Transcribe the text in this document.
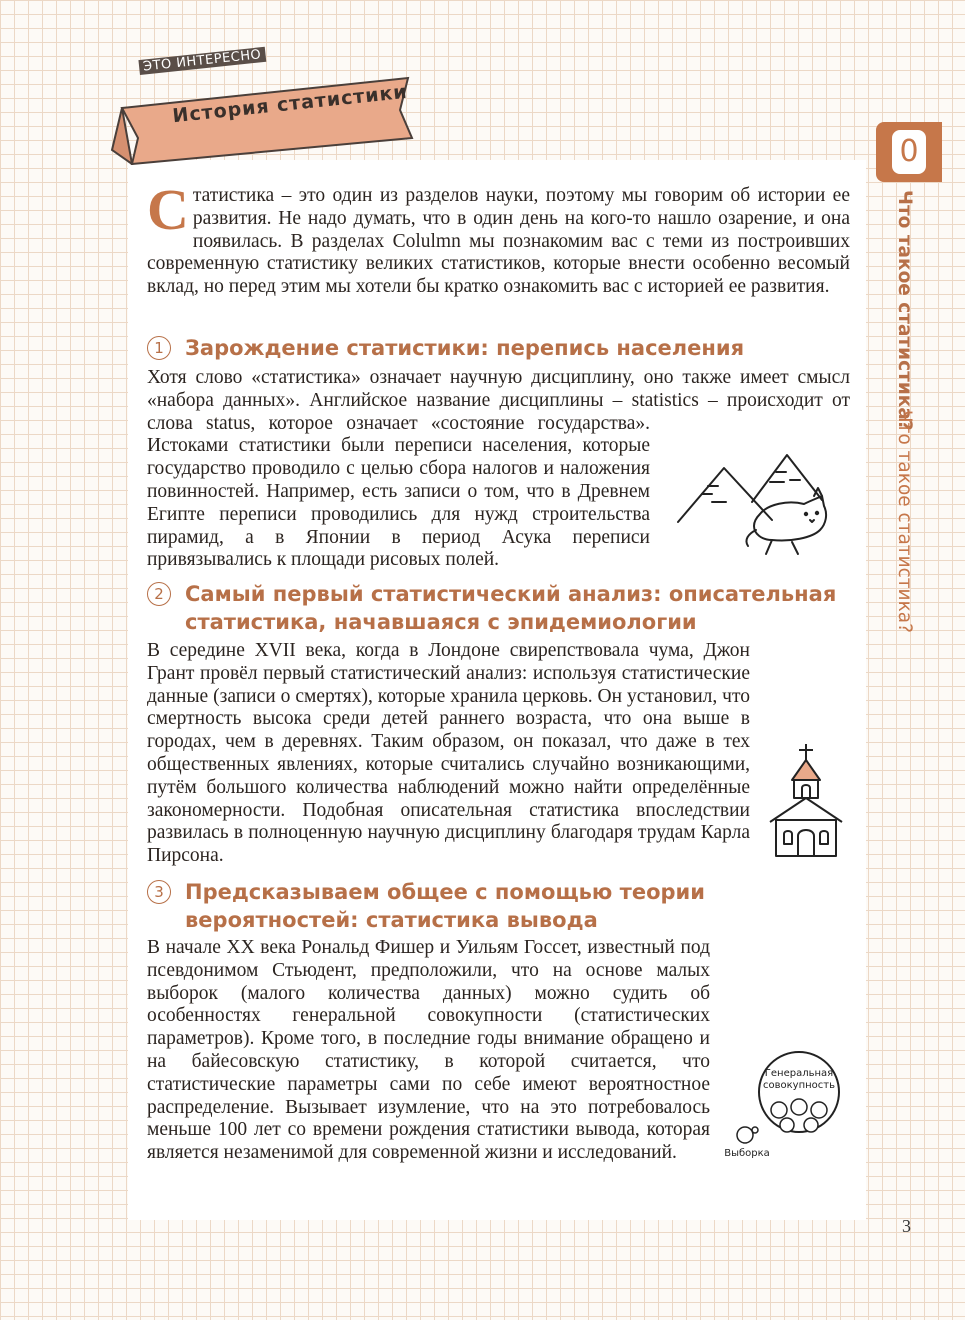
ЭТО ИНТЕРЕСНО
История статистики
0
Что такое статистика?
Что такое статистика?
С татистика – это один из разделов науки, поэтому мы говорим об истории ее развития. Не надо думать, что в один день на кого-то нашло озарение, и она появилась. В разделах Colulmn мы познакомим вас с теми из построивших современную статистику великих статистиков, которые внести особенно весомый вклад, но перед этим мы хотели бы кратко ознакомить вас с историей ее развития.
1	Зарождение статистики: перепись населения
Хотя слово «статистика» означает научную дисциплину, оно также имеет смысл «набора данных». Английское название дисциплины – statistics – происходит от слова status, которое означает «состояние государства». Истоками статистики были переписи населения, которые государство проводило с целью сбора налогов и наложения повинностей. Например, есть записи о том, что в Древнем Египте переписи проводились для нужд строительства пирамид, а в Японии в период Асука переписи привязывались к площади рисовых полей.
2	Самый первый статистический анализ: описательная статистика, начавшаяся с эпидемиологии
В середине XVII века, когда в Лондоне свирепствовала чума, Джон Грант провёл первый статистический анализ: используя статистические данные (записи о смертях), которые хранила церковь. Он установил, что смертность высока среди детей раннего возраста, что она выше в городах, чем в деревнях. Таким образом, он показал, что даже в тех общественных явлениях, которые считались случайно возникающими, путём большого количества наблюдений можно найти определённые закономерности. Подобная описательная статистика впоследствии развилась в полноценную научную дисциплину благодаря трудам Карла Пирсона.
3	Предсказываем общее с помощью теории вероятностей: статистика вывода
В начале XX века Рональд Фишер и Уильям Госсет, известный под псевдонимом Стьюдент, предположили, что на основе малых выборок (малого количества данных) можно судить об особенностях генеральной совокупности (статистических параметров). Кроме того, в последние годы внимание обращено и на байесовскую статистику, в которой считается, что статистические параметры сами по себе имеют вероятностное распределение. Вызывает изумление, что на это потребовалось меньше 100 лет со времени рождения статистики вывода, которая является незаменимой для современной жизни и исследований.
Генеральная
совокупность
Выборка
3
